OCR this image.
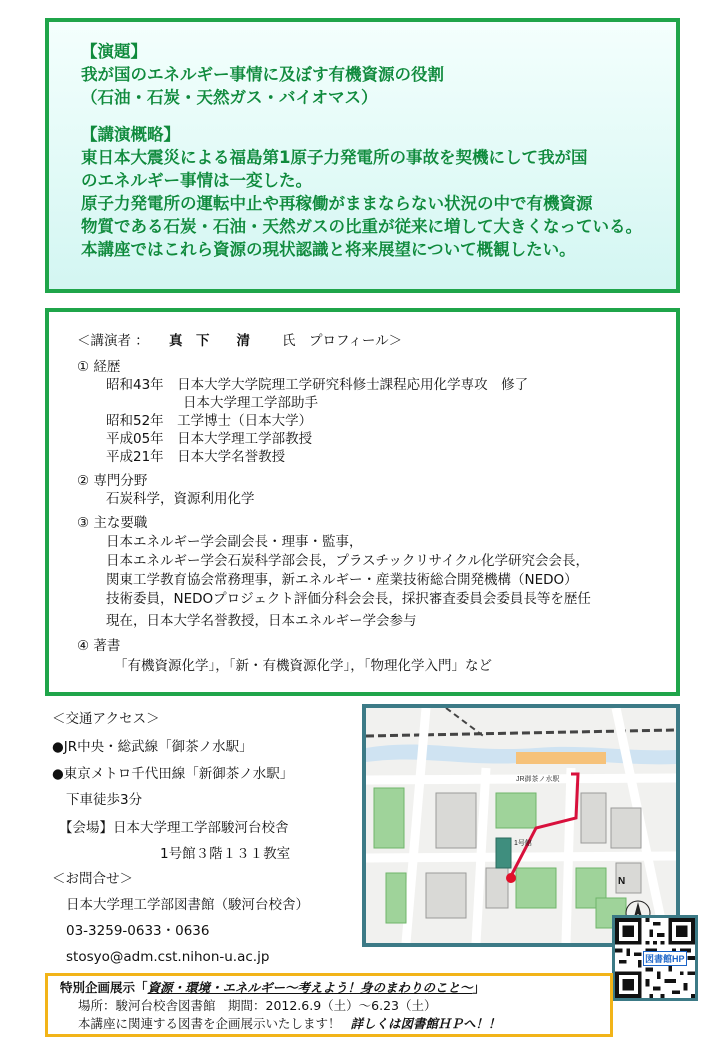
【演題】
我が国のエネルギー事情に及ぼす有機資源の役割
（石油・石炭・天然ガス・バイオマス）
【講演概略】
東日本大震災による福島第1原子力発電所の事故を契機にして我が国
のエネルギー事情は一変した。
原子力発電所の運転中止や再稼働がままならない状況の中で有機資源
物質である石炭・石油・天然ガスの比重が従来に増して大きくなっている。
本講座ではこれら資源の現状認識と将来展望について概観したい。
＜講演者 ： 真　下　　清 氏　プロフィール＞
① 経歴
昭和43年　日本大学大学院理工学研究科修士課程応用化学専攻　修了
日本大学理工学部助手
昭和52年　工学博士（日本大学）
平成05年　日本大学理工学部教授
平成21年　日本大学名誉教授
② 専門分野
石炭科学，資源利用化学
③ 主な要職
日本エネルギー学会副会長・理事・監事，
日本エネルギー学会石炭科学部会長，プラスチックリサイクル化学研究会会長，
関東工学教育協会常務理事，新エネルギー・産業技術総合開発機構（NEDO）
技術委員，NEDOプロジェクト評価分科会会長，採択審査委員会委員長等を歴任
現在，日本大学名誉教授，日本エネルギー学会参与
④ 著書
「有機資源化学」，「新・有機資源化学」，「物理化学入門」など
＜交通アクセス＞
●JR中央・総武線「御茶ノ水駅」
●東京メトロ千代田線「新御茶ノ水駅」
下車徒歩3分
【会場】日本大学理工学部駿河台校舎
1号館３階１３１教室
＜お問合せ＞
日本大学理工学部図書館（駿河台校舎）
03-3259-0633・0636
stosyo@adm.cst.nihon-u.ac.jp
N
JR御茶ノ水駅
1号館
図書館HP
特別企画展示「資源・環境・エネルギー～考えよう！身のまわりのこと～」
場所：駿河台校舎図書館　期間：2012.6.9（土）～6.23（土）
本講座に関連する図書を企画展示いたします！ 詳しくは図書館ＨＰへ！！
